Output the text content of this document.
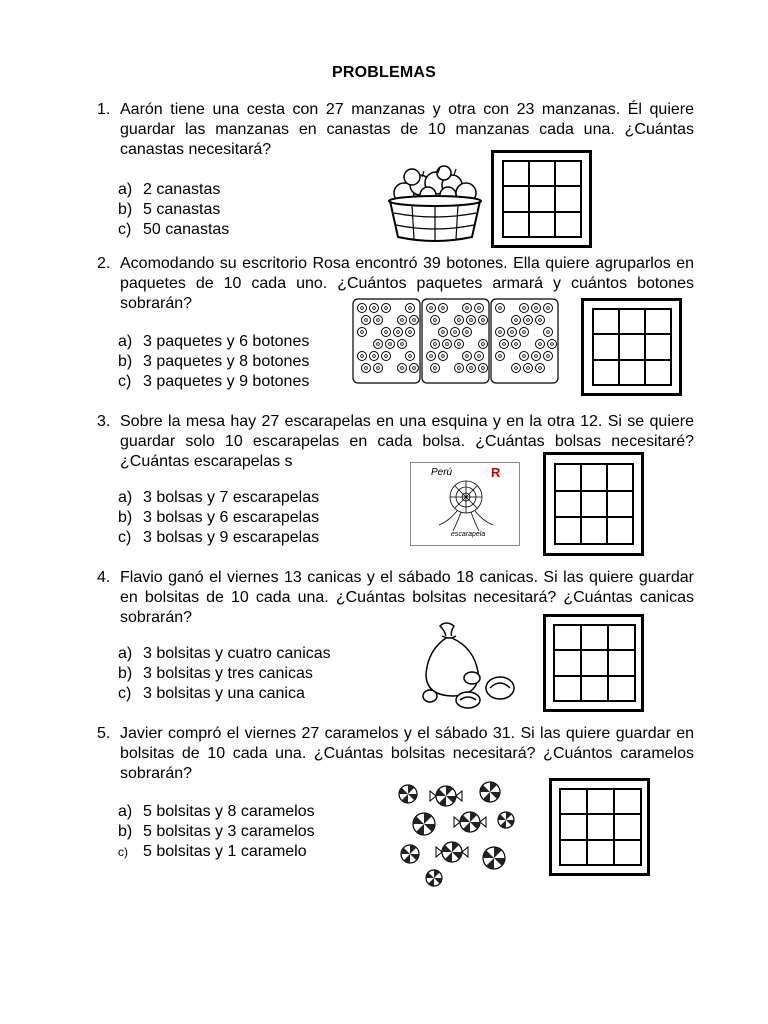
PROBLEMAS
1. Aarón tiene una cesta con 27 manzanas y otra con 23 manzanas. Él quiere guardar las manzanas en canastas de 10 manzanas cada una. ¿Cuántas canastas necesitará?
a) 2 canastas
b) 5 canastas
c) 50 canastas
2. Acomodando su escritorio Rosa encontró 39 botones. Ella quiere agruparlos en paquetes de 10 cada uno. ¿Cuántos paquetes armará y cuántos botones sobrarán?
a) 3 paquetes y 6 botones
b) 3 paquetes y 8 botones
c) 3 paquetes y 9 botones
3. Sobre la mesa hay 27 escarapelas en una esquina y en la otra 12. Si se quiere guardar solo 10 escarapelas en cada bolsa. ¿Cuántas bolsas necesitaré? ¿Cuántas escarapelas s
a) 3 bolsas y 7 escarapelas
b) 3 bolsas y 6 escarapelas
c) 3 bolsas y 9 escarapelas
Perú	R
escarapela
4. Flavio ganó el viernes 13 canicas y el sábado 18 canicas. Si las quiere guardar en bolsitas de 10 cada una. ¿Cuántas bolsitas necesitará? ¿Cuántas canicas sobrarán?
a) 3 bolsitas y cuatro canicas
b) 3 bolsitas y tres canicas
c) 3 bolsitas y una canica
5. Javier compró el viernes 27 caramelos y el sábado 31. Si las quiere guardar en bolsitas de 10 cada una. ¿Cuántas bolsitas necesitará? ¿Cuántos caramelos sobrarán?
a) 5 bolsitas y 8 caramelos
b) 5 bolsitas y 3 caramelos
c) 5 bolsitas y 1 caramelo
